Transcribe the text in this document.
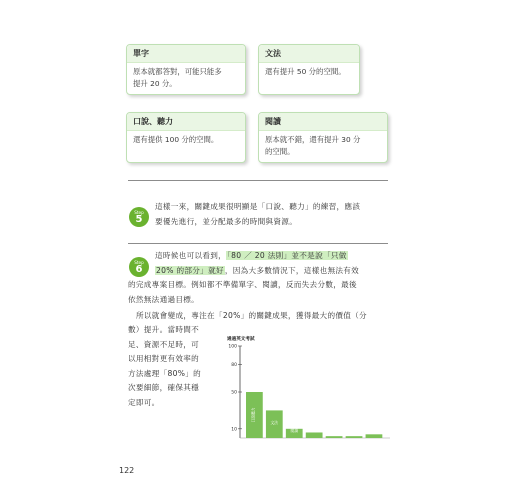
單字
原本就都答對，可能只能多
提升 20 分。
文法
還有提升 50 分的空間。
口說、聽力
還有提供 100 分的空間。
閱讀
原本就不錯，還有提升 30 分
的空間。
Step
5
這樣一來，關鍵成果很明顯是「口說、聽力」的練習，應該
要優先進行，並分配最多的時間與資源。
Step
6
這時候也可以看到，「80 ／ 20 法則」並不是說「只做
20% 的部分」就好，因為大多數情況下，這樣也無法有效
的完成專案目標。例如都不準備單字、閱讀，反而失去分數，最後
依然無法通過目標。
所以就會變成，專注在「20%」的關鍵成果，獲得最大的價值（分
數）提升。當時間不
足、資源不足時，可
以用相對更有效率的
方法處理「80%」的
次要細節，確保其穩
定即可。
通過英文考試
100
80
50
10
口說聽力
文法
閱讀	單字
122
